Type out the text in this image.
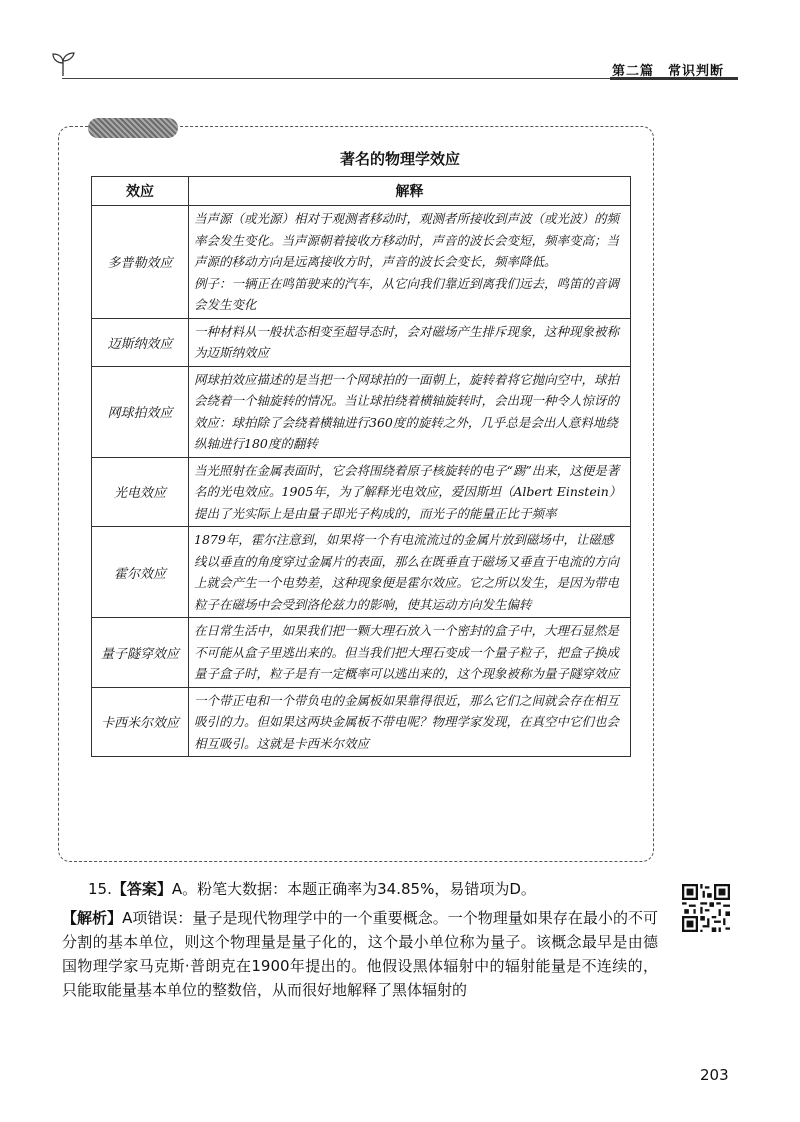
第二篇　常识判断
著名的物理学效应
效应	解释
多普勒效应	当声源（或光源）相对于观测者移动时，观测者所接收到声波（或光波）的频率会发生变化。当声源朝着接收方移动时，声音的波长会变短，频率变高；当声源的移动方向是远离接收方时，声音的波长会变长，频率降低。
例子：一辆正在鸣笛驶来的汽车，从它向我们靠近到离我们远去，鸣笛的音调会发生变化
迈斯纳效应	一种材料从一般状态相变至超导态时，会对磁场产生排斥现象，这种现象被称为迈斯纳效应
网球拍效应	网球拍效应描述的是当把一个网球拍的一面朝上，旋转着将它抛向空中，球拍会绕着一个轴旋转的情况。当让球拍绕着横轴旋转时，会出现一种令人惊讶的效应：球拍除了会绕着横轴进行360度的旋转之外，几乎总是会出人意料地绕纵轴进行180度的翻转
光电效应	当光照射在金属表面时，它会将围绕着原子核旋转的电子“踢”出来，这便是著名的光电效应。1905年，为了解释光电效应，爱因斯坦（Albert Einstein）提出了光实际上是由量子即光子构成的，而光子的能量正比于频率
霍尔效应	1879年，霍尔注意到，如果将一个有电流流过的金属片放到磁场中，让磁感线以垂直的角度穿过金属片的表面，那么在既垂直于磁场又垂直于电流的方向上就会产生一个电势差，这种现象便是霍尔效应。它之所以发生，是因为带电粒子在磁场中会受到洛伦兹力的影响，使其运动方向发生偏转
量子隧穿效应	在日常生活中，如果我们把一颗大理石放入一个密封的盒子中，大理石显然是不可能从盒子里逃出来的。但当我们把大理石变成一个量子粒子，把盒子换成量子盒子时，粒子是有一定概率可以逃出来的，这个现象被称为量子隧穿效应
卡西米尔效应	一个带正电和一个带负电的金属板如果靠得很近，那么它们之间就会存在相互吸引的力。但如果这两块金属板不带电呢？物理学家发现，在真空中它们也会相互吸引。这就是卡西米尔效应
15.【答案】A。粉笔大数据：本题正确率为34.85%，易错项为D。
【解析】A项错误：量子是现代物理学中的一个重要概念。一个物理量如果存在最小的不可分割的基本单位，则这个物理量是量子化的，这个最小单位称为量子。该概念最早是由德国物理学家马克斯·普朗克在1900年提出的。他假设黑体辐射中的辐射能量是不连续的，只能取能量基本单位的整数倍，从而很好地解释了黑体辐射的
203
